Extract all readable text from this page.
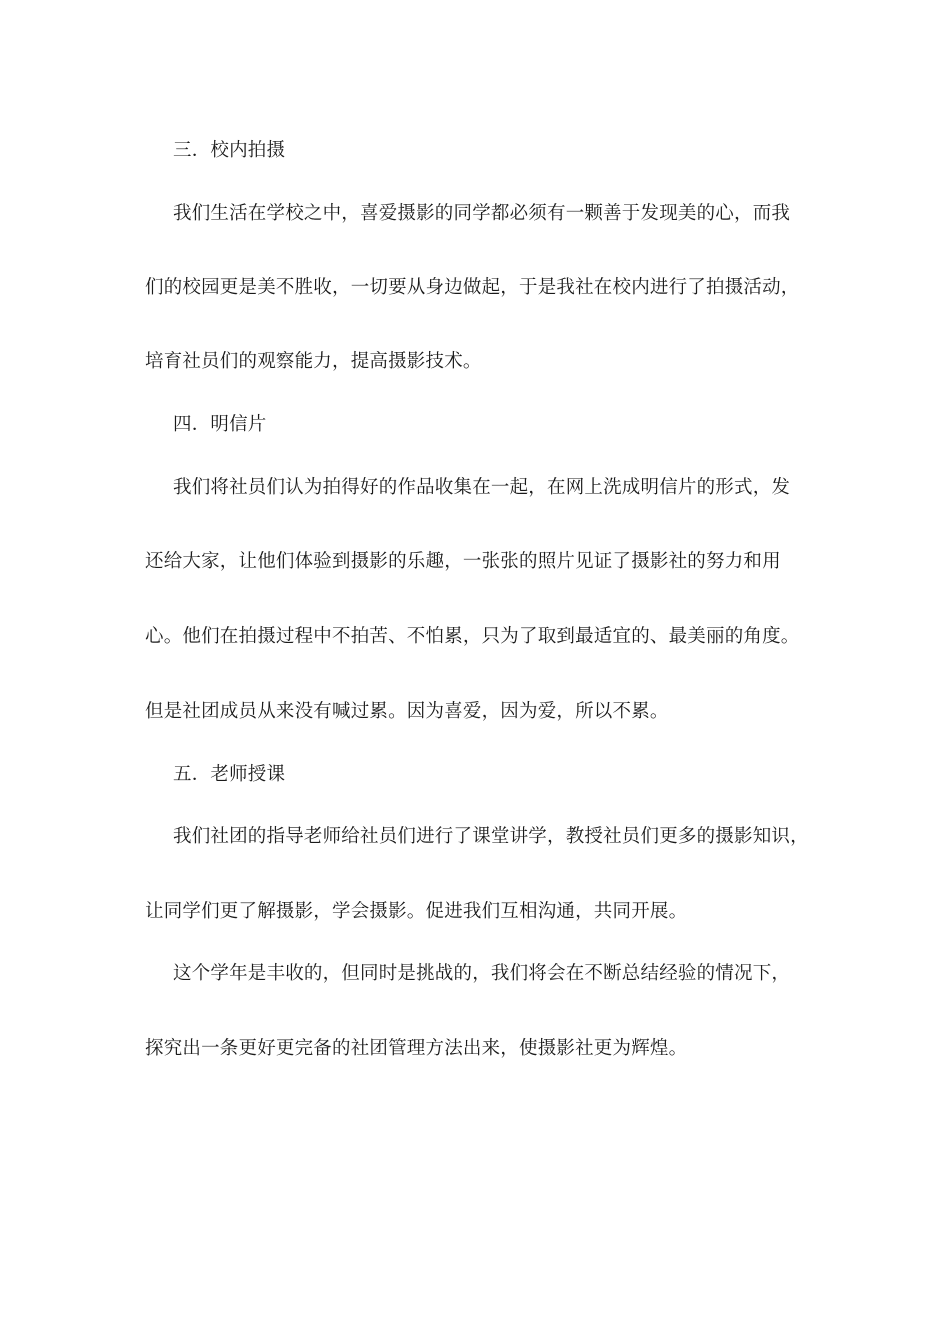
三．校内拍摄

我们生活在学校之中，喜爱摄影的同学都必须有一颗善于发现美的心，而我

们的校园更是美不胜收，一切要从身边做起，于是我社在校内进行了拍摄活动，

培育社员们的观察能力，提高摄影技术。

四．明信片

我们将社员们认为拍得好的作品收集在一起，在网上洗成明信片的形式，发

还给大家，让他们体验到摄影的乐趣，一张张的照片见证了摄影社的努力和用

心。他们在拍摄过程中不拍苦、不怕累，只为了取到最适宜的、最美丽的角度。

但是社团成员从来没有喊过累。因为喜爱，因为爱，所以不累。

五．老师授课

我们社团的指导老师给社员们进行了课堂讲学，教授社员们更多的摄影知识，

让同学们更了解摄影，学会摄影。促进我们互相沟通，共同开展。

这个学年是丰收的，但同时是挑战的，我们将会在不断总结经验的情况下，

探究出一条更好更完备的社团管理方法出来，使摄影社更为辉煌。
